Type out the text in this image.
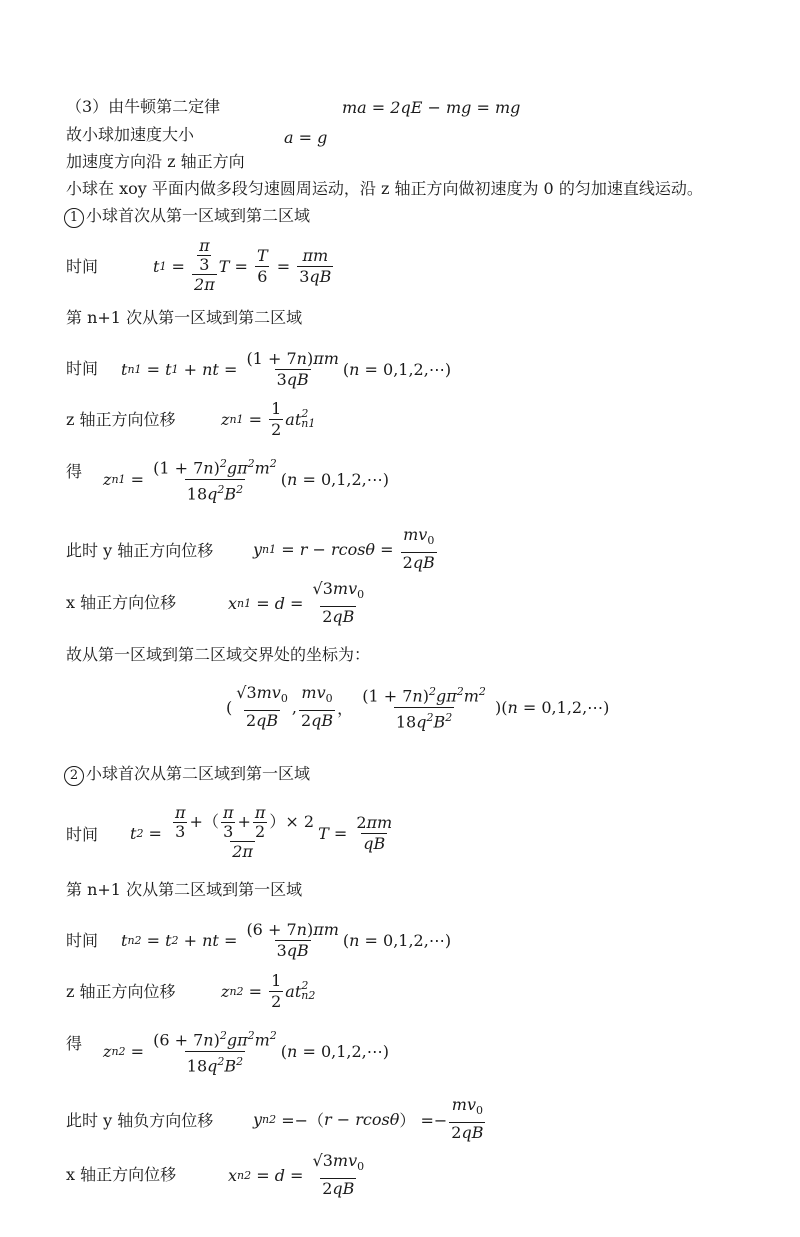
（3）由牛顿第二定律	ma = 2qE − mg = mg
故小球加速度大小	a = g
加速度方向沿 z 轴正方向
小球在 xoy 平面内做多段匀速圆周运动，沿 z 轴正方向做初速度为 0 的匀加速直线运动。
1 小球首次从第一区域到第二区域
时间	t $1 = \frac{\frac{\pi}{3}}{2\pi}$ $T = \frac{T}{6} = \frac{\pi m}{3qB}$
第 n+1 次从第一区域到第二区域
时间 t n1 = t 1 + nt = $\frac{(1 + 7n)\pi m}{3qB}$ ( n = 0,1,2,⋯)
z 轴正方向位移	z $n1 = \frac{1}{2} at_{n1}$
$^2$
得 z $n1 = \frac{(1 + 7n)^2g\pi^2m^2}{18q^2B^2}$ ( n = 0,1,2,⋯)
此时 y 轴正方向位移 y $n1 = r - rcos\theta = \frac{mv_0}{2qB}$
x 轴正方向位移	x $n1 = d = \frac{√3mv_0}{2qB}$
故从第一区域到第二区域交界处的坐标为：
( $\frac{√3mv_0}{2qB}$ , $\frac{mv_0}{2qB}$ ， $\frac{(1 + 7n)^2g\pi^2m^2}{18q^2B^2}$ ) ( n = 0,1,2,⋯)
2 小球首次从第二区域到第一区域
时间 t $2 = \frac{\frac{\pi}{3} +( \frac{\pi}{3} + \frac{\pi}{2} )\times 2}{2\pi}$ $T = \frac{2\pi m}{qB}$
第 n+1 次从第二区域到第一区域
时间 t n2 = t 2 + nt = $\frac{(6 + 7n)\pi m}{3qB}$ ( n = 0,1,2,⋯)
z 轴正方向位移	z $n2 = \frac{1}{2} at_{n2}$
$^2$
得 z $n2 = \frac{(6 + 7n)^2g\pi^2m^2}{18q^2B^2}$ ( n = 0,1,2,⋯)
此时 y 轴负方向位移 y n2 =−（ r − rcosθ ） =− $\frac{mv_0}{2qB}$
x 轴正方向位移	x $n2 = d = \frac{√3mv_0}{2qB}$
